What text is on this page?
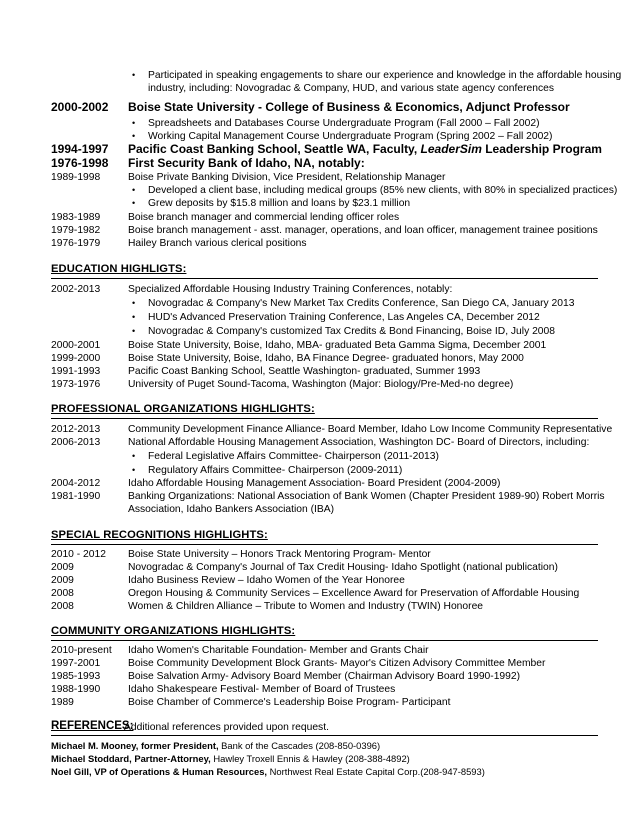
• Participated in speaking engagements to share our experience and knowledge in the affordable housing
industry, including: Novogradac & Company, HUD, and various state agency conferences
2000-2002	Boise State University - College of Business & Economics, Adjunct Professor
• Spreadsheets and Databases Course Undergraduate Program (Fall 2000 – Fall 2002)
• Working Capital Management Course Undergraduate Program (Spring 2002 – Fall 2002)
1994-1997	Pacific Coast Banking School, Seattle WA, Faculty, LeaderSim Leadership Program
1976-1998	First Security Bank of Idaho, NA, notably:
1989-1998	Boise Private Banking Division, Vice President, Relationship Manager
• Developed a client base, including medical groups (85% new clients, with 80% in specialized practices)
• Grew deposits by $15.8 million and loans by $23.1 million
1983-1989	Boise branch manager and commercial lending officer roles
1979-1982	Boise branch management - asst. manager, operations, and loan officer, management trainee positions
1976-1979	Hailey Branch various clerical positions
EDUCATION HIGHLIGTS:
2002-2013	Specialized Affordable Housing Industry Training Conferences, notably:
• Novogradac & Company's New Market Tax Credits Conference, San Diego CA, January 2013
• HUD's Advanced Preservation Training Conference, Las Angeles CA, December 2012
• Novogradac & Company's customized Tax Credits & Bond Financing, Boise ID, July 2008
2000-2001	Boise State University, Boise, Idaho, MBA- graduated Beta Gamma Sigma, December 2001
1999-2000	Boise State University, Boise, Idaho, BA Finance Degree- graduated honors, May 2000
1991-1993	Pacific Coast Banking School, Seattle Washington- graduated, Summer 1993
1973-1976	University of Puget Sound-Tacoma, Washington (Major: Biology/Pre-Med-no degree)
PROFESSIONAL ORGANIZATIONS HIGHLIGHTS:
2012-2013	Community Development Finance Alliance- Board Member, Idaho Low Income Community Representative
2006-2013	National Affordable Housing Management Association, Washington DC- Board of Directors, including:
• Federal Legislative Affairs Committee- Chairperson (2011-2013)
• Regulatory Affairs Committee- Chairperson (2009-2011)
2004-2012	Idaho Affordable Housing Management Association- Board President (2004-2009)
1981-1990	Banking Organizations: National Association of Bank Women (Chapter President 1989-90) Robert Morris
Association, Idaho Bankers Association (IBA)
SPECIAL RECOGNITIONS HIGHLIGHTS:
2010 - 2012	Boise State University – Honors Track Mentoring Program- Mentor
2009	Novogradac & Company's Journal of Tax Credit Housing- Idaho Spotlight (national publication)
2009	Idaho Business Review – Idaho Women of the Year Honoree
2008	Oregon Housing & Community Services – Excellence Award for Preservation of Affordable Housing
2008	Women & Children Alliance – Tribute to Women and Industry (TWIN) Honoree
COMMUNITY ORGANIZATIONS HIGHLIGHTS:
2010-present	Idaho Women's Charitable Foundation- Member and Grants Chair
1997-2001	Boise Community Development Block Grants- Mayor's Citizen Advisory Committee Member
1985-1993	Boise Salvation Army- Advisory Board Member (Chairman Advisory Board 1990-1992)
1988-1990	Idaho Shakespeare Festival- Member of Board of Trustees
1989	Boise Chamber of Commerce's Leadership Boise Program- Participant
REFERENCES:
Additional references provided upon request.
Michael M. Mooney, former President, Bank of the Cascades (208-850-0396)
Michael Stoddard, Partner-Attorney, Hawley Troxell Ennis & Hawley (208-388-4892)
Noel Gill, VP of Operations & Human Resources, Northwest Real Estate Capital Corp.(208-947-8593)
